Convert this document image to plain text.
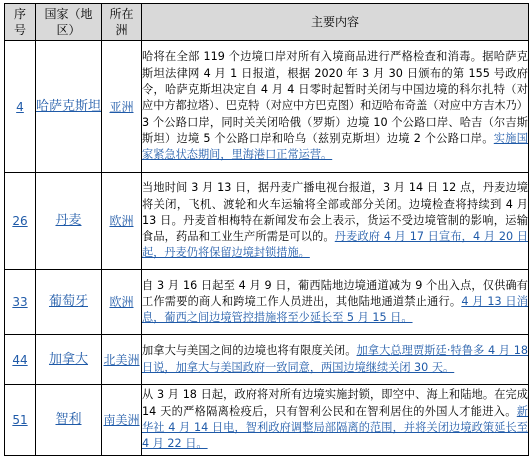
序号	国家（地区）	所在洲	主要内容
4	哈萨克斯坦	亚洲	哈将在全部 119 个边境口岸对所有入境商品进行严格检查和消毒。据哈萨克斯坦法律网 4 月 1 日报道，根据 2020 年 3 月 30 日颁布的第 155 号政府令，哈萨克斯坦决定自 4 月 4 日零时起暂时关闭与中国边境的科尔扎特（对应中方都拉塔）、巴克特（对应中方巴克图）和迈哈布奇盖（对应中方吉木乃）3 个公路口岸，同时关关闭哈俄（罗斯）边境 10 个公路口岸、哈吉（尔吉斯斯坦）边境 5 个公路口岸和哈乌（兹别克斯坦）边境 2 个公路口岸。实施国家紧急状态期间，里海港口正常运营。
26	丹麦	欧洲	当地时间 3 月 13 日，据丹麦广播电视台报道，3 月 14 日 12 点，丹麦边境将关闭，飞机、渡轮和火车运输将全部或部分关闭。边境检查将持续到 4 月 13 日。丹麦首相梅特在新闻发布会上表示，货运不受边境管制的影响，运输食品，药品和工业生产所需是可以的。丹麦政府 4 月 17 日宣布，4 月 20 日起，丹麦仍将保留边境封锁措施。
33	葡萄牙	欧洲	自 3 月 16 日起至 4 月 9 日，葡西陆地边境通道减为 9 个出入点，仅供确有工作需要的商人和跨境工作人员进出，其他陆地通道禁止通行。4 月 13 日消息，葡西之间边境管控措施将至少延长至 5 月 15 日。
44	加拿大	北美洲	加拿大与美国之间的边境也将有限度关闭。加拿大总理贾斯廷·特鲁多 4 月 18 日说，加拿大与美国政府一致同意，两国边境继续关闭 30 天。
51	智利	南美洲	从 3 月 18 日起，政府将对所有边境实施封锁，即空中、海上和陆地。在完成 14 天的严格隔离检疫后，只有智利公民和在智利居住的外国人才能进入。新华社 4 月 14 日电，智利政府调整局部隔离的范围，并将关闭边境政策延长至 4 月 22 日。
